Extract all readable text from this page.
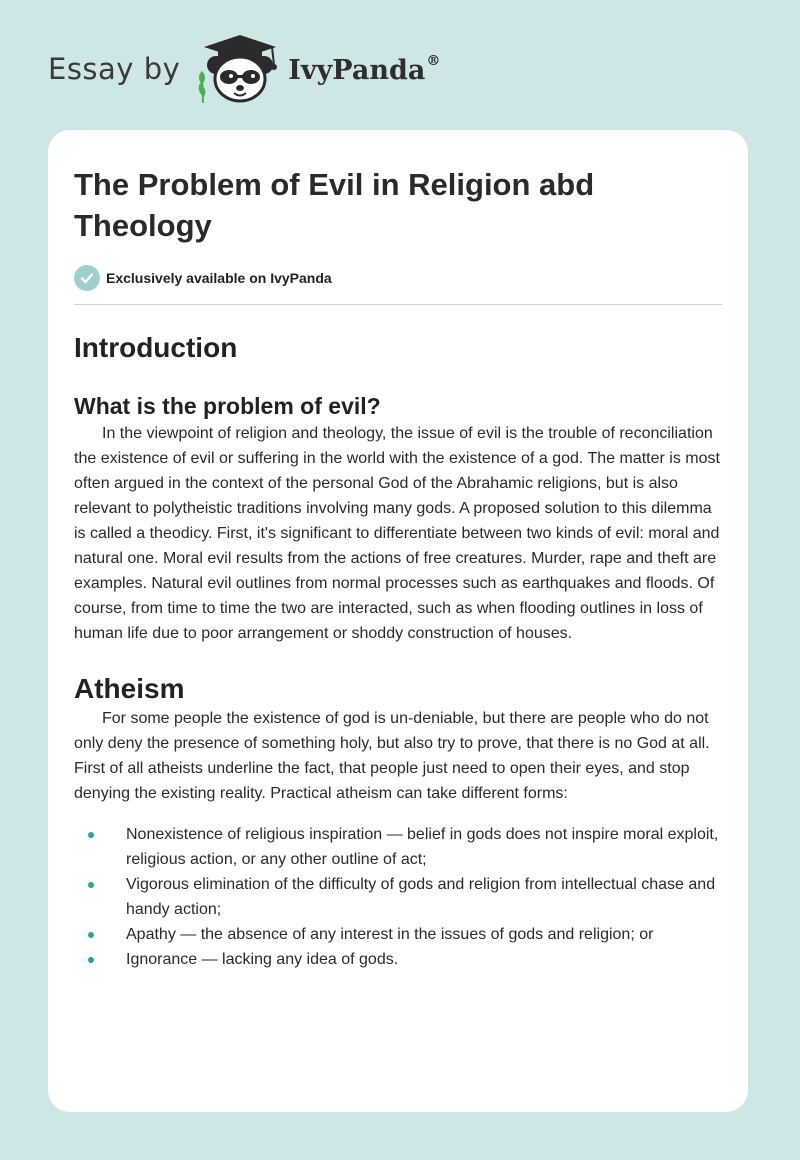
Essay by	IvyPanda®
The Problem of Evil in Religion abd Theology
Exclusively available on IvyPanda
Introduction
What is the problem of evil?

In the viewpoint of religion and theology, the issue of evil is the trouble of reconciliation the existence of evil or suffering in the world with the existence of a god. The matter is most often argued in the context of the personal God of the Abrahamic religions, but is also relevant to polytheistic traditions involving many gods. A proposed solution to this dilemma is called a theodicy. First, it's significant to differentiate between two kinds of evil: moral and natural one. Moral evil results from the actions of free creatures. Murder, rape and theft are examples. Natural evil outlines from normal processes such as earthquakes and floods. Of course, from time to time the two are interacted, such as when flooding outlines in loss of human life due to poor arrangement or shoddy construction of houses.

Atheism

For some people the existence of god is un-deniable, but there are people who do not only deny the presence of something holy, but also try to prove, that there is no God at all. First of all atheists underline the fact, that people just need to open their eyes, and stop denying the existing reality. Practical atheism can take different forms:

Nonexistence of religious inspiration — belief in gods does not inspire moral exploit, religious action, or any other outline of act;
Vigorous elimination of the difficulty of gods and religion from intellectual chase and handy action;
Apathy — the absence of any interest in the issues of gods and religion; or
Ignorance — lacking any idea of gods.
